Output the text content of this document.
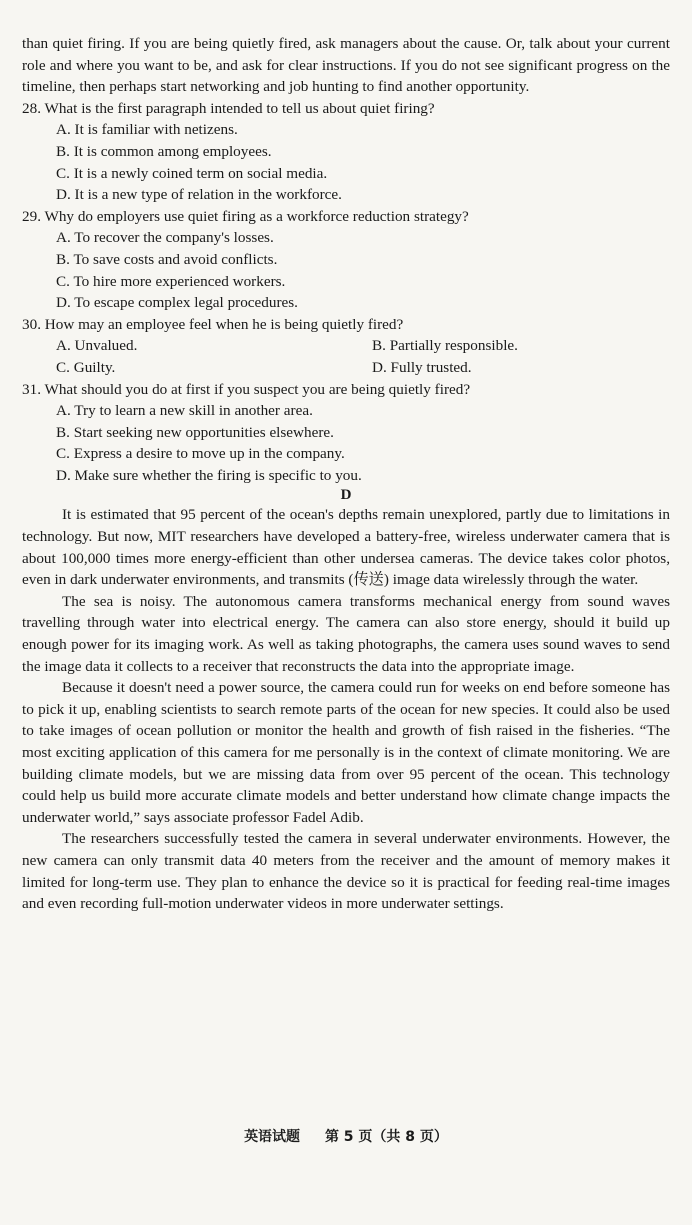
than quiet firing. If you are being quietly fired, ask managers about the cause. Or, talk about your current role and where you want to be, and ask for clear instructions. If you do not see significant progress on the timeline, then perhaps start networking and job hunting to find another opportunity.

28. What is the first paragraph intended to tell us about quiet firing?

A. It is familiar with netizens.
B. It is common among employees.
C. It is a newly coined term on social media.
D. It is a new type of relation in the workforce.

29. Why do employers use quiet firing as a workforce reduction strategy?

A. To recover the company's losses.
B. To save costs and avoid conflicts.
C. To hire more experienced workers.
D. To escape complex legal procedures.

30. How may an employee feel when he is being quietly fired?

A. Unvalued.	B. Partially responsible.
C. Guilty.	D. Fully trusted.

31. What should you do at first if you suspect you are being quietly fired?

A. Try to learn a new skill in another area.
B. Start seeking new opportunities elsewhere.
C. Express a desire to move up in the company.
D. Make sure whether the firing is specific to you.

D

It is estimated that 95 percent of the ocean's depths remain unexplored, partly due to limitations in technology. But now, MIT researchers have developed a battery-free, wireless underwater camera that is about 100,000 times more energy-efficient than other undersea cameras. The device takes color photos, even in dark underwater environments, and transmits (传送) image data wirelessly through the water.

The sea is noisy. The autonomous camera transforms mechanical energy from sound waves travelling through water into electrical energy. The camera can also store energy, should it build up enough power for its imaging work. As well as taking photographs, the camera uses sound waves to send the image data it collects to a receiver that reconstructs the data into the appropriate image.

Because it doesn't need a power source, the camera could run for weeks on end before someone has to pick it up, enabling scientists to search remote parts of the ocean for new species. It could also be used to take images of ocean pollution or monitor the health and growth of fish raised in the fisheries. “The most exciting application of this camera for me personally is in the context of climate monitoring. We are building climate models, but we are missing data from over 95 percent of the ocean. This technology could help us build more accurate climate models and better understand how climate change impacts the underwater world,” says associate professor Fadel Adib.

The researchers successfully tested the camera in several underwater environments. However, the new camera can only transmit data 40 meters from the receiver and the amount of memory makes it limited for long-term use. They plan to enhance the device so it is practical for feeding real-time images and even recording full-motion underwater videos in more underwater settings.

英语试题 第 5 页（共 8 页）
